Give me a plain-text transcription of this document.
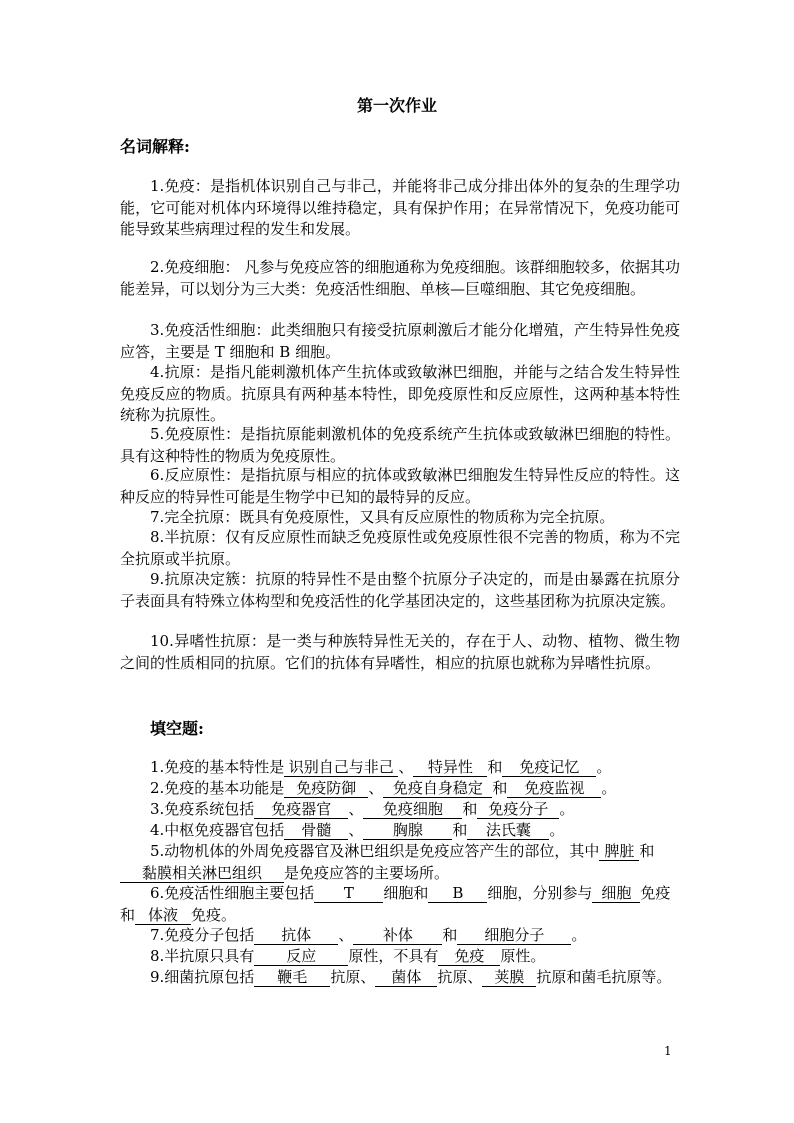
第一次作业
名词解释:
1.免疫：是指机体识别自己与非己，并能将非己成分排出体外的复杂的生理学功能，它可能对机体内环境得以维持稳定，具有保护作用；在异常情况下，免疫功能可能导致某些病理过程的发生和发展。
2.免疫细胞： 凡参与免疫应答的细胞通称为免疫细胞。该群细胞较多，依据其功能差异，可以划分为三大类：免疫活性细胞、单核—巨噬细胞、其它免疫细胞。
3.免疫活性细胞：此类细胞只有接受抗原刺激后才能分化增殖，产生特异性免疫应答，主要是 T 细胞和 B 细胞。
4.抗原：是指凡能刺激机体产生抗体或致敏淋巴细胞，并能与之结合发生特异性免疫反应的物质。抗原具有两种基本特性，即免疫原性和反应原性，这两种基本特性统称为抗原性。
5.免疫原性：是指抗原能刺激机体的免疫系统产生抗体或致敏淋巴细胞的特性。具有这种特性的物质为免疫原性。
6.反应原性：是指抗原与相应的抗体或致敏淋巴细胞发生特异性反应的特性。这种反应的特异性可能是生物学中已知的最特异的反应。
7.完全抗原：既具有免疫原性，又具有反应原性的物质称为完全抗原。
8.半抗原：仅有反应原性而缺乏免疫原性或免疫原性很不完善的物质，称为不完全抗原或半抗原。
9.抗原决定簇：抗原的特异性不是由整个抗原分子决定的，而是由暴露在抗原分子表面具有特殊立体构型和免疫活性的化学基团决定的，这些基团称为抗原决定簇。
10.异嗜性抗原：是一类与种族特异性无关的，存在于人、动物、植物、微生物之间的性质相同的抗原。它们的抗体有异嗜性，相应的抗原也就称为异嗜性抗原。
填空题:
1.免疫的基本特性是 识别自己与非己 、 特异性 和 免疫记忆 。
2.免疫的基本功能是 免疫防御 、 免疫自身稳定 和 免疫监视 。
3.免疫系统包括 免疫器官 、 免疫细胞 和 免疫分子 。
4.中枢免疫器官包括 骨髓 、 胸腺 和 法氏囊 。
5.动物机体的外周免疫器官及淋巴组织是免疫应答产生的部位，其中 脾脏 和黏膜相关淋巴组织 是免疫应答的主要场所。
6.免疫活性细胞主要包括 T 细胞和 B 细胞，分别参与 细胞 免疫和 体液 免疫。
7.免疫分子包括 抗体 、 补体 和 细胞分子 。
8.半抗原只具有 反应 原性，不具有 免疫 原性。
9.细菌抗原包括 鞭毛 抗原、 菌体 抗原、 荚膜 抗原和菌毛抗原等。
1
